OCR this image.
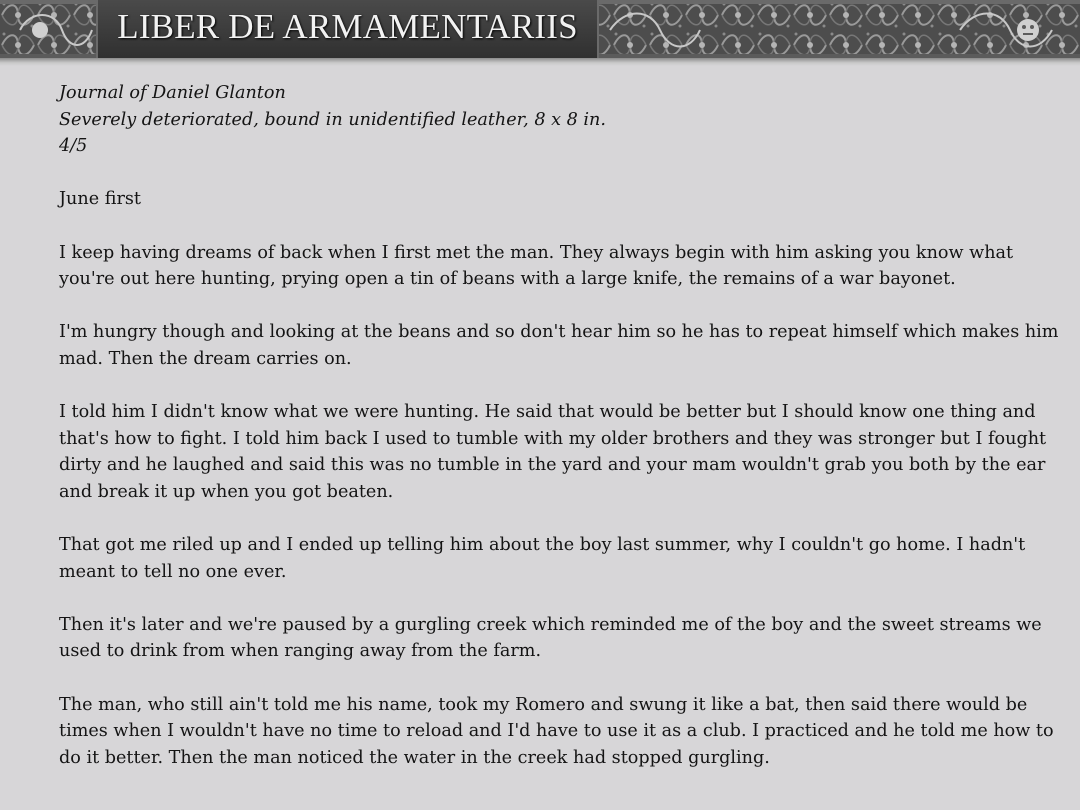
LIBER DE ARMAMENTARIIS

Journal of Daniel Glanton

Severely deteriorated, bound in unidentified leather, 8 x 8 in.

4/5

June first

I keep having dreams of back when I first met the man. They always begin with him asking you know what you're out here hunting, prying open a tin of beans with a large knife, the remains of a war bayonet.

I'm hungry though and looking at the beans and so don't hear him so he has to repeat himself which makes him mad. Then the dream carries on.

I told him I didn't know what we were hunting. He said that would be better but I should know one thing and that's how to fight. I told him back I used to tumble with my older brothers and they was stronger but I fought dirty and he laughed and said this was no tumble in the yard and your mam wouldn't grab you both by the ear and break it up when you got beaten.

That got me riled up and I ended up telling him about the boy last summer, why I couldn't go home. I hadn't meant to tell no one ever.

Then it's later and we're paused by a gurgling creek which reminded me of the boy and the sweet streams we used to drink from when ranging away from the farm.

The man, who still ain't told me his name, took my Romero and swung it like a bat, then said there would be times when I wouldn't have no time to reload and I'd have to use it as a club. I practiced and he told me how to do it better. Then the man noticed the water in the creek had stopped gurgling.
